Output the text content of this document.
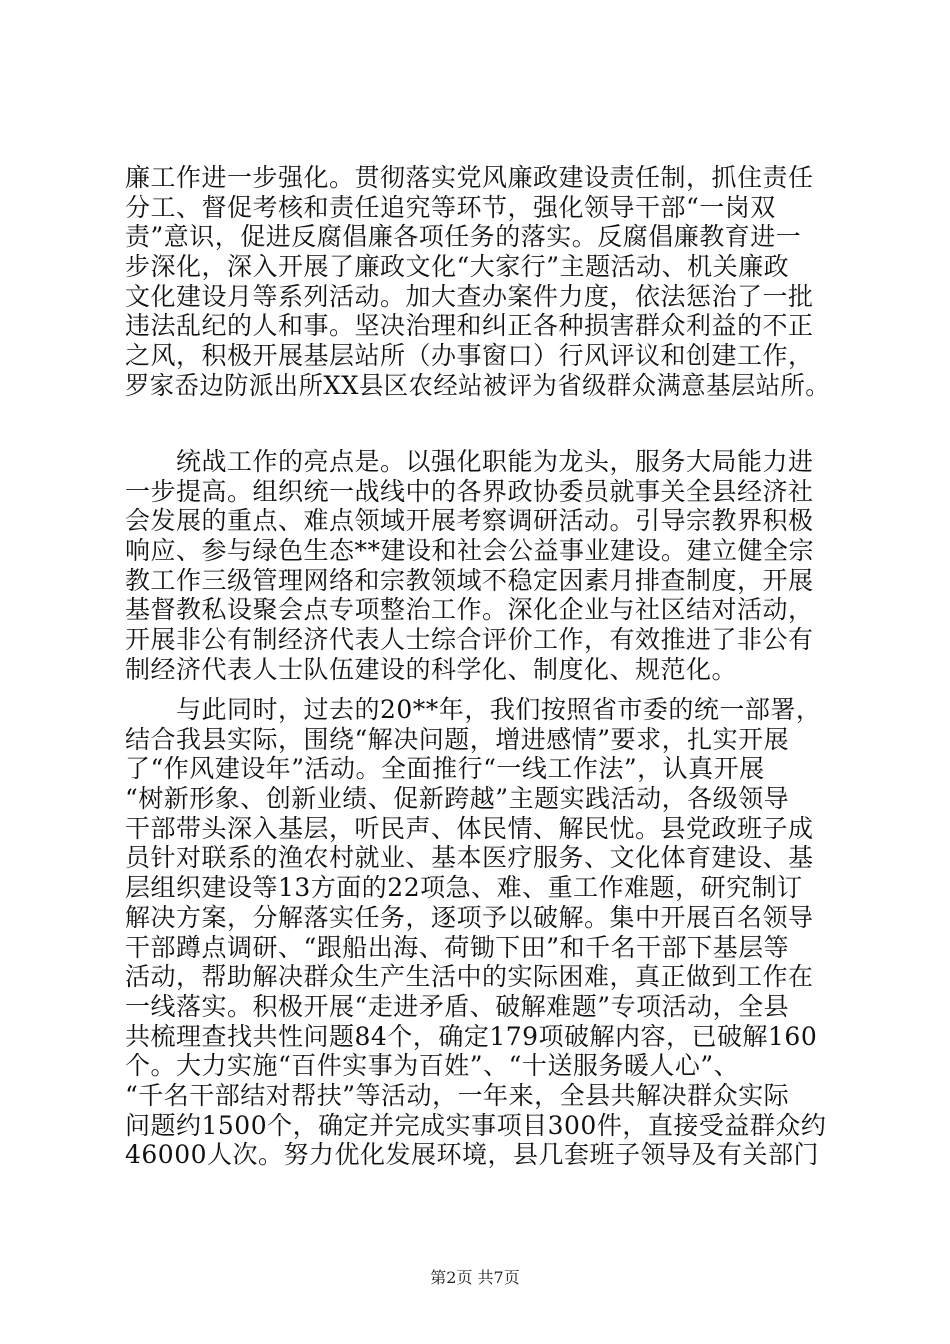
廉工作进一步强化。贯彻落实党风廉政建设责任制，抓住责任
分工、督促考核和责任追究等环节，强化领导干部“一岗双
责”意识，促进反腐倡廉各项任务的落实。反腐倡廉教育进一
步深化，深入开展了廉政文化“大家行”主题活动、机关廉政
文化建设月等系列活动。加大查办案件力度，依法惩治了一批
违法乱纪的人和事。坚决治理和纠正各种损害群众利益的不正
之风，积极开展基层站所（办事窗口）行风评议和创建工作，
罗家岙边防派出所XX县区农经站被评为省级群众满意基层站所。
　　统战工作的亮点是。以强化职能为龙头，服务大局能力进
一步提高。组织统一战线中的各界政协委员就事关全县经济社
会发展的重点、难点领域开展考察调研活动。引导宗教界积极
响应、参与绿色生态**建设和社会公益事业建设。建立健全宗
教工作三级管理网络和宗教领域不稳定因素月排查制度，开展
基督教私设聚会点专项整治工作。深化企业与社区结对活动，
开展非公有制经济代表人士综合评价工作，有效推进了非公有
制经济代表人士队伍建设的科学化、制度化、规范化。
　　与此同时，过去的20**年，我们按照省市委的统一部署，
结合我县实际，围绕“解决问题，增进感情”要求，扎实开展
了“作风建设年”活动。全面推行“一线工作法”，认真开展
“树新形象、创新业绩、促新跨越”主题实践活动，各级领导
干部带头深入基层，听民声、体民情、解民忧。县党政班子成
员针对联系的渔农村就业、基本医疗服务、文化体育建设、基
层组织建设等13方面的22项急、难、重工作难题，研究制订
解决方案，分解落实任务，逐项予以破解。集中开展百名领导
干部蹲点调研、“跟船出海、荷锄下田”和千名干部下基层等
活动，帮助解决群众生产生活中的实际困难，真正做到工作在
一线落实。积极开展“走进矛盾、破解难题”专项活动，全县
共梳理查找共性问题84个，确定179项破解内容，已破解160
个。大力实施“百件实事为百姓”、“十送服务暖人心”、
“千名干部结对帮扶”等活动，一年来，全县共解决群众实际
问题约1500个，确定并完成实事项目300件，直接受益群众约
46000人次。努力优化发展环境，县几套班子领导及有关部门
第2页 共7页
